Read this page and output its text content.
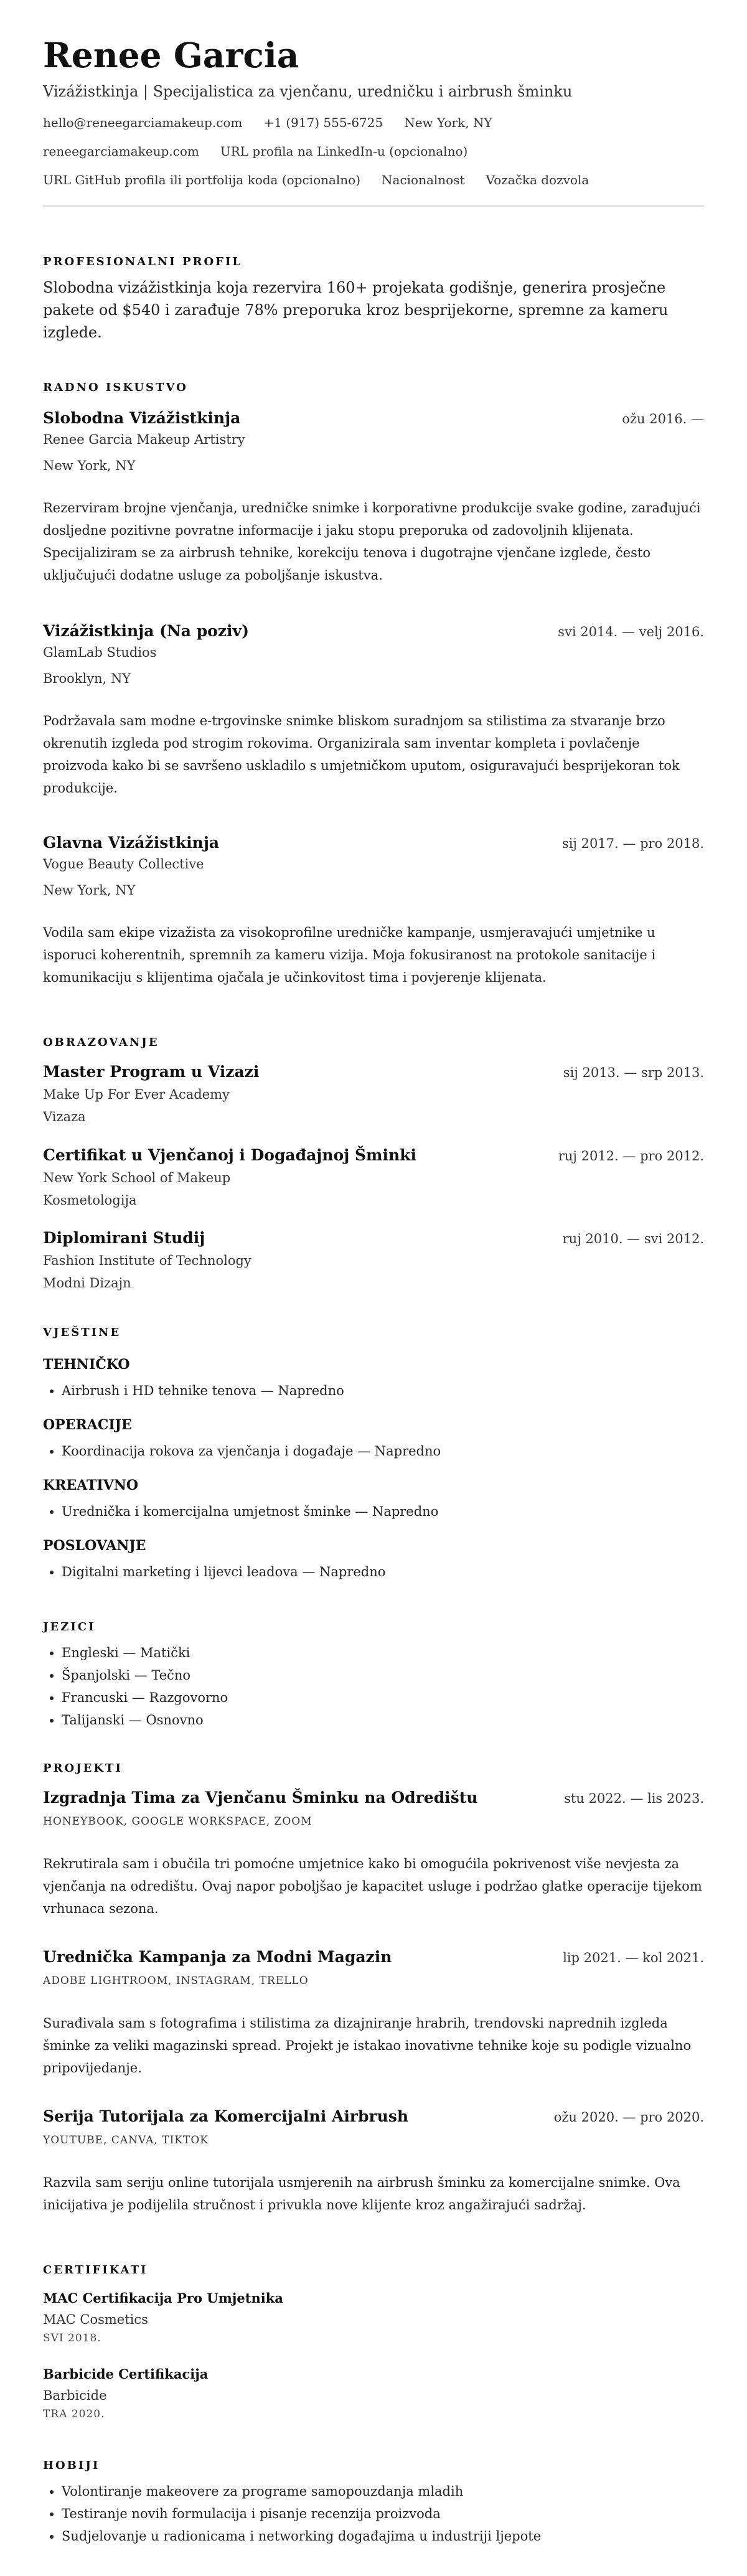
Renee Garcia
Vizážistkinja | Specijalistica za vjenčanu, uredničku i airbrush šminku
hello@reneegarciamakeup.com +1 (917) 555-6725 New York, NY
reneegarciamakeup.com URL profila na LinkedIn-u (opcionalno)
URL GitHub profila ili portfolija koda (opcionalno) Nacionalnost Vozačka dozvola
PROFESIONALNI PROFIL
Slobodna vizážistkinja koja rezervira 160+ projekata godišnje, generira prosječne pakete od $540 i zarađuje 78% preporuka kroz besprijekorne, spremne za kameru izglede.
RADNO ISKUSTVO
Slobodna Vizážistkinja	ožu 2016. —
Renee Garcia Makeup Artistry
New York, NY
Rezerviram brojne vjenčanja, uredničke snimke i korporativne produkcije svake godine, zarađujući dosljedne pozitivne povratne informacije i jaku stopu preporuka od zadovoljnih klijenata. Specijaliziram se za airbrush tehnike, korekciju tenova i dugotrajne vjenčane izglede, često uključujući dodatne usluge za poboljšanje iskustva.
Vizážistkinja (Na poziv)	svi 2014. — velj 2016.
GlamLab Studios
Brooklyn, NY
Podržavala sam modne e-trgovinske snimke bliskom suradnjom sa stilistima za stvaranje brzo okrenutih izgleda pod strogim rokovima. Organizirala sam inventar kompleta i povlačenje proizvoda kako bi se savršeno uskladilo s umjetničkom uputom, osiguravajući besprijekoran tok produkcije.
Glavna Vizážistkinja	sij 2017. — pro 2018.
Vogue Beauty Collective
New York, NY
Vodila sam ekipe vizažista za visokoprofilne uredničke kampanje, usmjeravajući umjetnike u isporuci koherentnih, spremnih za kameru vizija. Moja fokusiranost na protokole sanitacije i komunikaciju s klijentima ojačala je učinkovitost tima i povjerenje klijenata.
OBRAZOVANJE
Master Program u Vizazi	sij 2013. — srp 2013.
Make Up For Ever Academy
Vizaza
Certifikat u Vjenčanoj i Događajnoj Šminki	ruj 2012. — pro 2012.
New York School of Makeup
Kosmetologija
Diplomirani Studij	ruj 2010. — svi 2012.
Fashion Institute of Technology
Modni Dizajn
VJEŠTINE
TEHNIČKO
• Airbrush i HD tehnike tenova — Napredno
OPERACIJE
• Koordinacija rokova za vjenčanja i događaje — Napredno
KREATIVNO
• Urednička i komercijalna umjetnost šminke — Napredno
POSLOVANJE
• Digitalni marketing i lijevci leadova — Napredno
JEZICI
• Engleski — Matički
• Španjolski — Tečno
• Francuski — Razgovorno
• Talijanski — Osnovno
PROJEKTI
Izgradnja Tima za Vjenčanu Šminku na Odredištu	stu 2022. — lis 2023.
HONEYBOOK, GOOGLE WORKSPACE, ZOOM
Rekrutirala sam i obučila tri pomoćne umjetnice kako bi omogućila pokrivenost više nevjesta za vjenčanja na odredištu. Ovaj napor poboljšao je kapacitet usluge i podržao glatke operacije tijekom vrhunaca sezona.
Urednička Kampanja za Modni Magazin	lip 2021. — kol 2021.
ADOBE LIGHTROOM, INSTAGRAM, TRELLO
Surađivala sam s fotografima i stilistima za dizajniranje hrabrih, trendovski naprednih izgleda šminke za veliki magazinski spread. Projekt je istakao inovativne tehnike koje su podigle vizualno pripovijedanje.
Serija Tutorijala za Komercijalni Airbrush	ožu 2020. — pro 2020.
YOUTUBE, CANVA, TIKTOK
Razvila sam seriju online tutorijala usmjerenih na airbrush šminku za komercijalne snimke. Ova inicijativa je podijelila stručnost i privukla nove klijente kroz angažirajući sadržaj.
CERTIFIKATI
MAC Certifikacija Pro Umjetnika
MAC Cosmetics
SVI 2018.
Barbicide Certifikacija
Barbicide
TRA 2020.
HOBIJI
• Volontiranje makeovere za programe samopouzdanja mladih
• Testiranje novih formulacija i pisanje recenzija proizvoda
• Sudjelovanje u radionicama i networking događajima u industriji ljepote
